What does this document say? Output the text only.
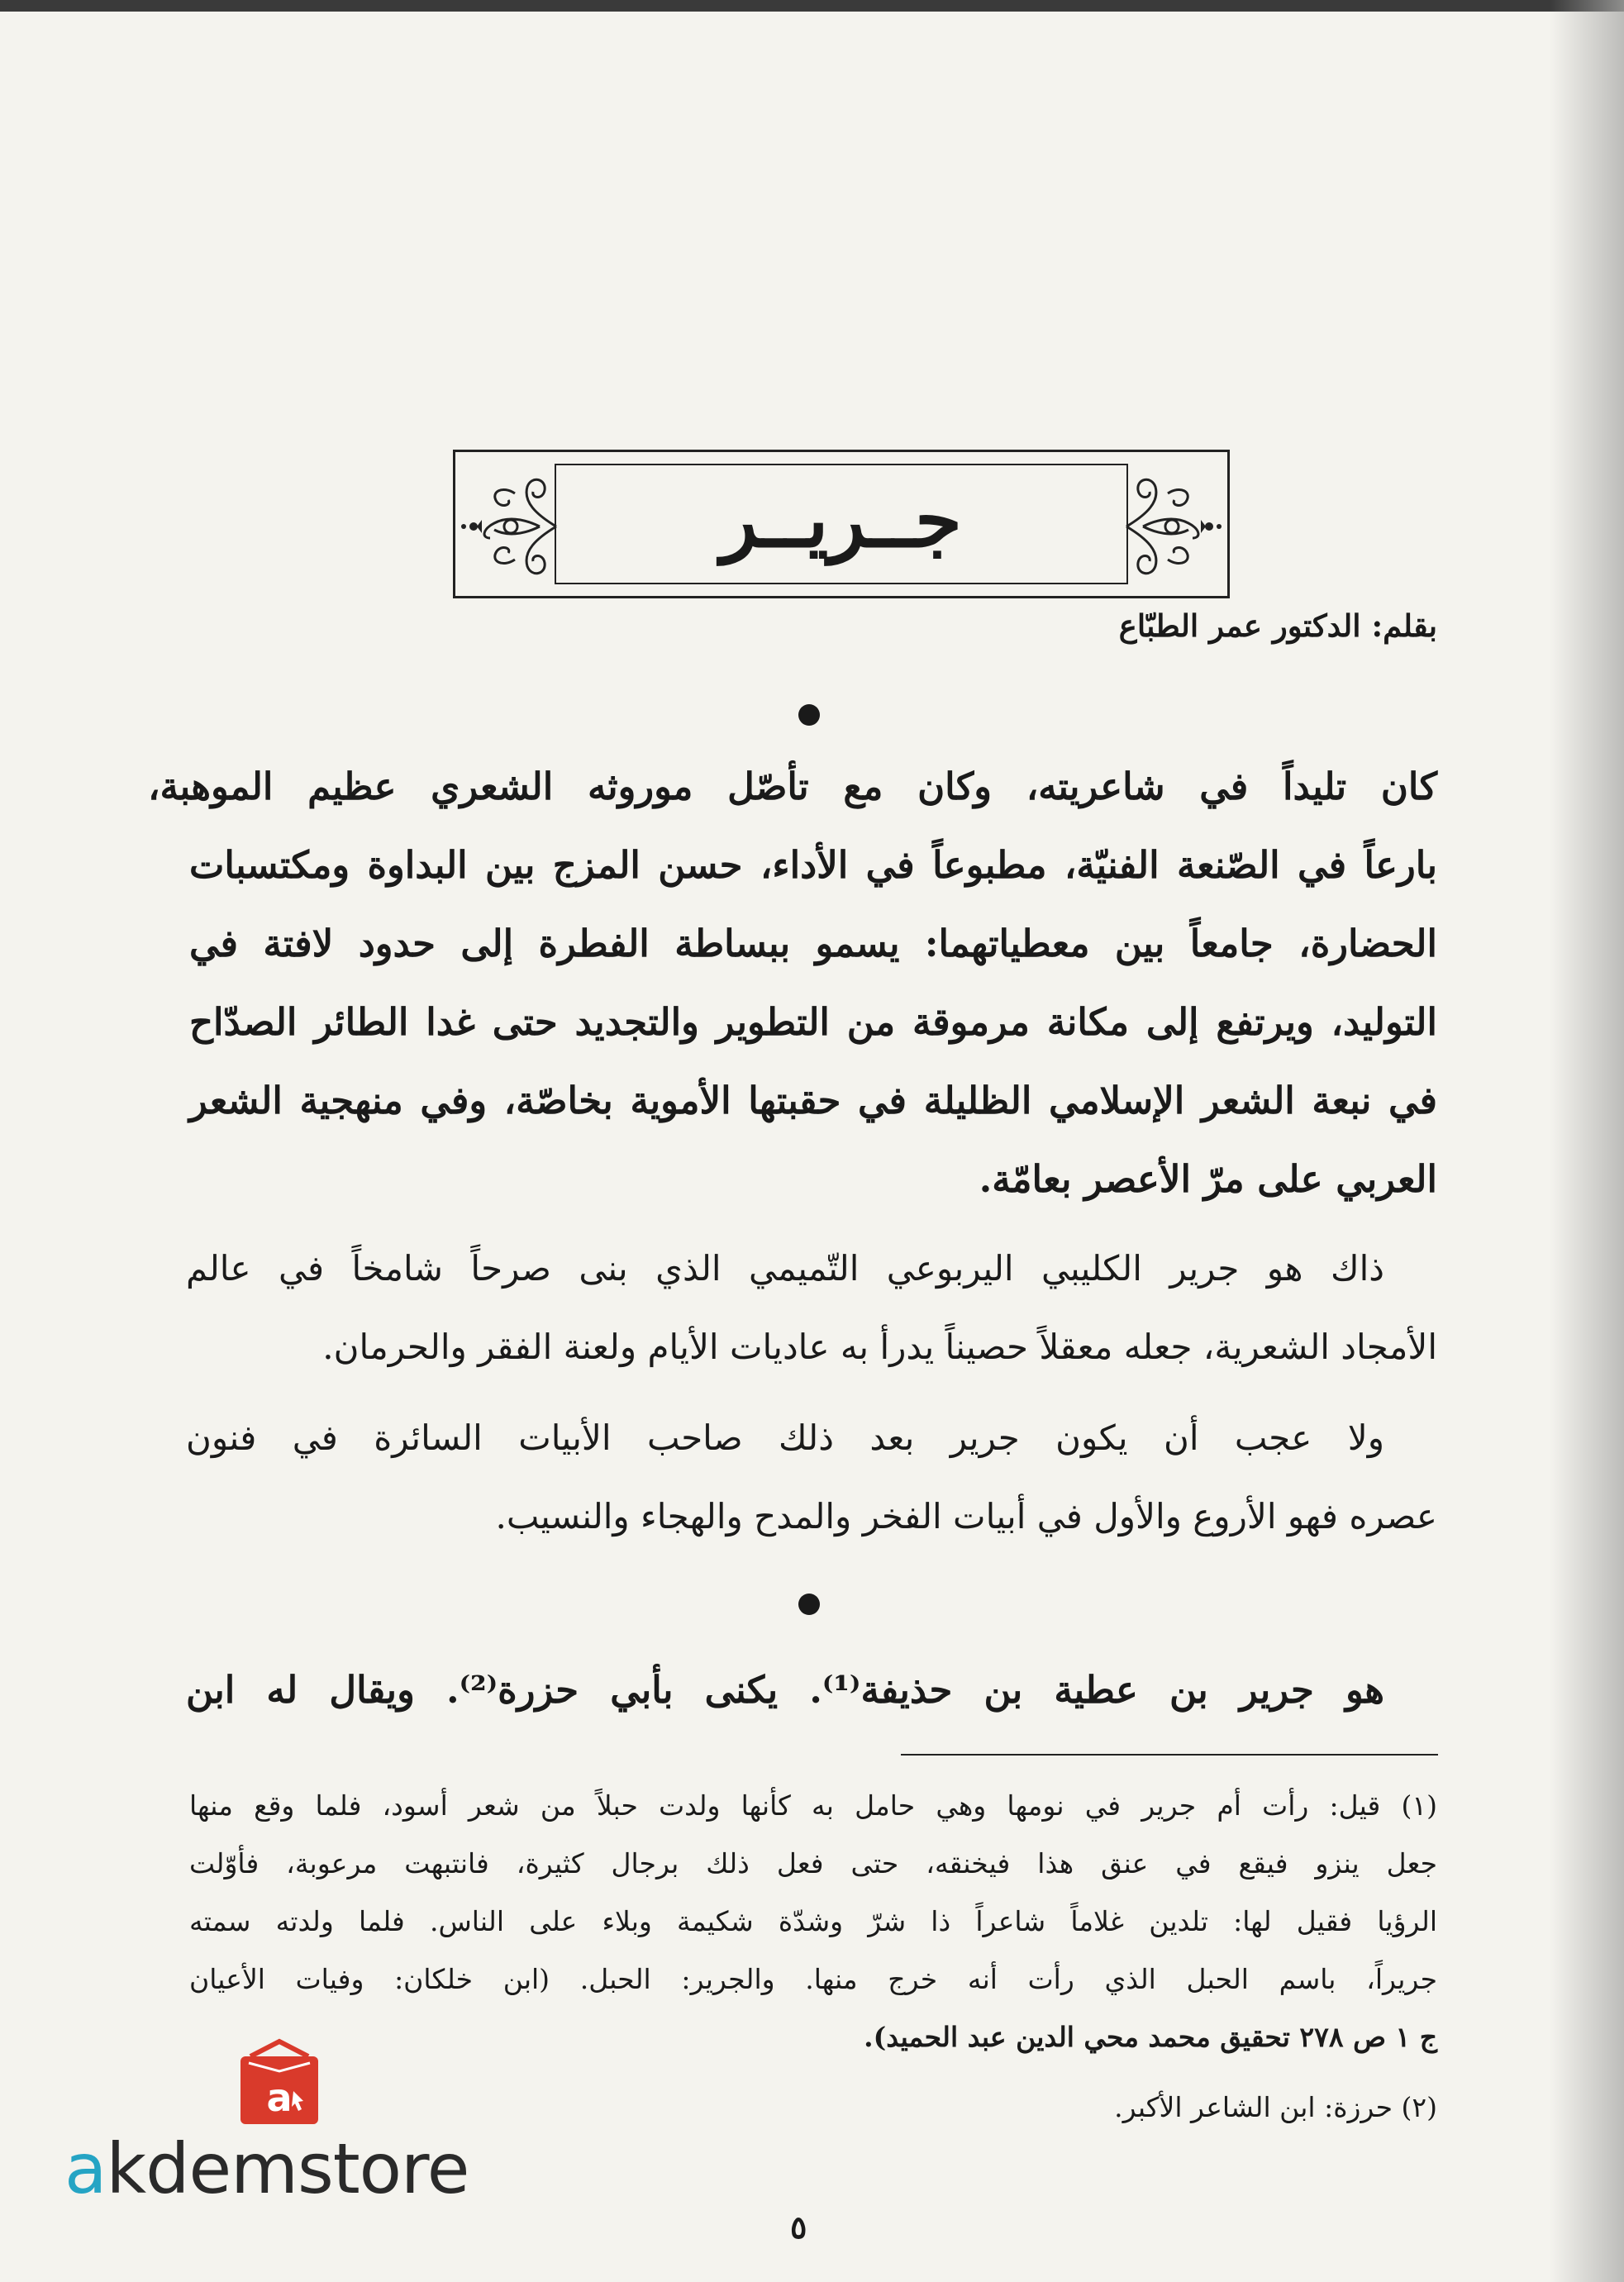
جــريــر
بقلم: الدكتور عمر الطبّاع
كان تليداً في شاعريته، وكان مع تأصّل موروثه الشعري عظيم الموهبة،
بارعاً في الصّنعة الفنيّة، مطبوعاً في الأداء، حسن المزج بين البداوة ومكتسبات
الحضارة، جامعاً بين معطياتهما: يسمو ببساطة الفطرة إلى حدود لافتة في
التوليد، ويرتفع إلى مكانة مرموقة من التطوير والتجديد حتى غدا الطائر الصدّاح
في نبعة الشعر الإسلامي الظليلة في حقبتها الأموية بخاصّة، وفي منهجية الشعر
العربي على مرّ الأعصر بعامّة.
ذاك هو جرير الكليبي اليربوعي التّميمي الذي بنى صرحاً شامخاً في عالم
الأمجاد الشعرية، جعله معقلاً حصيناً يدرأ به عاديات الأيام ولعنة الفقر والحرمان.
ولا عجب أن يكون جرير بعد ذلك صاحب الأبيات السائرة في فنون
عصره فهو الأروع والأول في أبيات الفخر والمدح والهجاء والنسيب.
هو جرير بن عطية بن حذيفة⁽¹⁾. يكنى بأبي حزرة⁽²⁾. ويقال له ابن
(١) قيل: رأت أم جرير في نومها وهي حامل به كأنها ولدت حبلاً من شعر أسود، فلما وقع منها
جعل ينزو فيقع في عنق هذا فيخنقه، حتى فعل ذلك برجال كثيرة، فانتبهت مرعوبة، فأوّلت
الرؤيا فقيل لها: تلدين غلاماً شاعراً ذا شرّ وشدّة شكيمة وبلاء على الناس. فلما ولدته سمته
جريراً، باسم الحبل الذي رأت أنه خرج منها. والجرير: الحبل. (ابن خلكان: وفيات الأعيان
ج ١ ص ٢٧٨ تحقيق محمد محي الدين عبد الحميد).
(٢) حرزة: ابن الشاعر الأكبر.
٥
a
akdemstore
